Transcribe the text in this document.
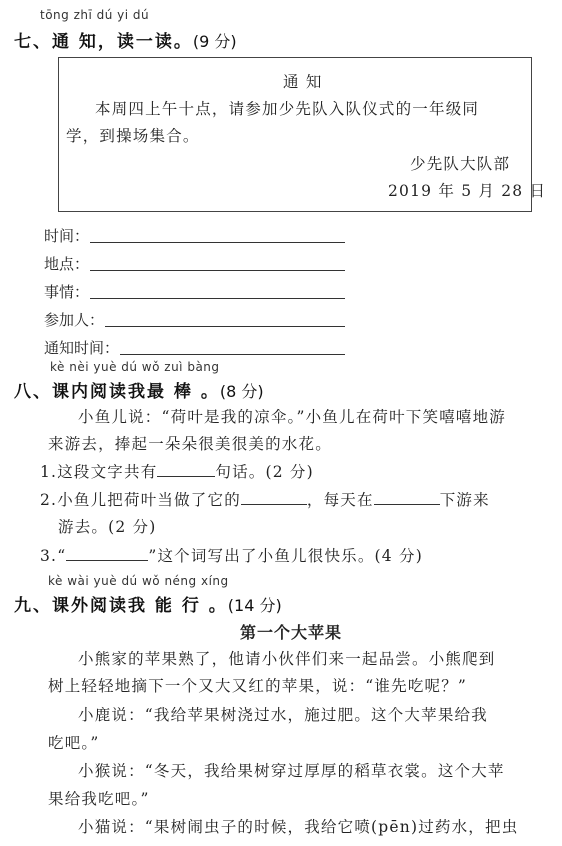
tōng zhī dú yi dú
七、通 知，读一读。(9 分)
通 知
本周四上午十点，请参加少先队入队仪式的一年级同
学，到操场集合。
少先队大队部
2019 年 5 月 28 日
时间：
地点：
事情：
参加人：
通知时间：
kè nèi yuè dú wǒ zuì bàng
八、课内阅读我最 棒 。(8 分)
小鱼儿说：“荷叶是我的凉伞。”小鱼儿在荷叶下笑嘻嘻地游
来游去，捧起一朵朵很美很美的水花。
1.这段文字共有	句话。(2 分)
2.小鱼儿把荷叶当做了它的	，每天在	下游来
游去。(2 分)
3.“	”这个词写出了小鱼儿很快乐。(4 分)
kè wài yuè dú wǒ néng xíng
九、课外阅读我 能 行 。(14 分)
第一个大苹果
小熊家的苹果熟了，他请小伙伴们来一起品尝。小熊爬到
树上轻轻地摘下一个又大又红的苹果，说：“谁先吃呢？”
小鹿说：“我给苹果树浇过水，施过肥。这个大苹果给我
吃吧。”
小猴说：“冬天，我给果树穿过厚厚的稻草衣裳。这个大苹
果给我吃吧。”
小猫说：“果树闹虫子的时候，我给它喷(pēn)过药水，把虫
